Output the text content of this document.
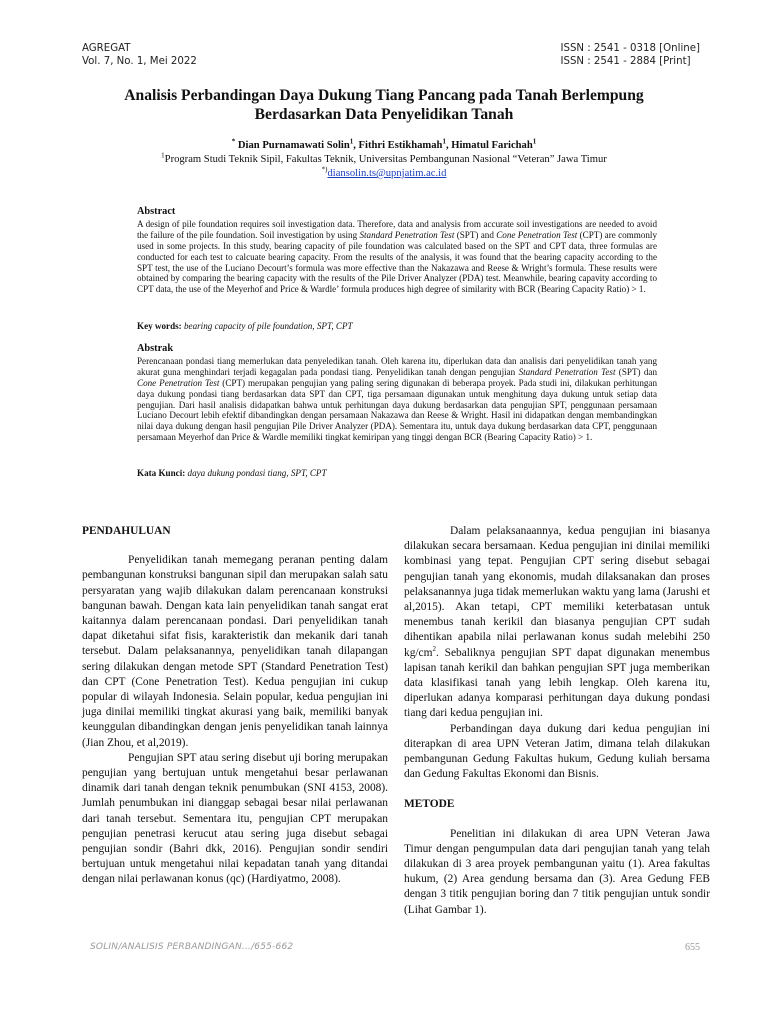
AGREGAT
Vol. 7, No. 1, Mei 2022
ISSN : 2541 - 0318 [Online]
ISSN : 2541 - 2884 [Print]
Analisis Perbandingan Daya Dukung Tiang Pancang pada Tanah Berlempung
Berdasarkan Data Penyelidikan Tanah
* Dian Purnamawati Solin$^1$, Fithri Estikhamah$^1$, Himatul Farichah$^1$
$^1$Program Studi Teknik Sipil, Fakultas Teknik, Universitas Pembangunan Nasional “Veteran” Jawa Timur
*)diansolin.ts@upnjatim.ac.id
Abstract

A design of pile foundation requires soil investigation data. Therefore, data and analysis from accurate soil investigations are needed to avoid the failure of the pile foundation. Soil investigation by using Standard Penetration Test (SPT) and Cone Penetration Test (CPT) are commonly used in some projects. In this study, bearing capacity of pile foundation was calculated based on the SPT and CPT data, three formulas are conducted for each test to calcuate bearing capacity. From the results of the analysis, it was found that the bearing capacity according to the SPT test, the use of the Luciano Decourt’s formula was more effective than the Nakazawa and Reese & Wright’s formula. These results were obtained by comparing the bearing capacity with the results of the Pile Driver Analyzer (PDA) test. Meanwhile, bearing capavity according to CPT data, the use of the Meyerhof and Price & Wardle’ formula produces high degree of similarity with BCR (Bearing Capacity Ratio) > 1.

Key words: bearing capacity of pile foundation, SPT, CPT
Abstrak

Perencanaan pondasi tiang memerlukan data penyeledikan tanah. Oleh karena itu, diperlukan data dan analisis dari penyelidikan tanah yang akurat guna menghindari terjadi kegagalan pada pondasi tiang. Penyelidikan tanah dengan pengujian Standard Penetration Test (SPT) dan Cone Penetration Test (CPT) merupakan pengujian yang paling sering digunakan di beberapa proyek. Pada studi ini, dilakukan perhitungan daya dukung pondasi tiang berdasarkan data SPT dan CPT, tiga persamaan digunakan untuk menghitung daya dukung untuk setiap data pengujian. Dari hasil analisis didapatkan bahwa untuk perhitungan daya dukung berdasarkan data pengujian SPT, penggunaan persamaan Luciano Decourt lebih efektif dibandingkan dengan persamaan Nakazawa dan Reese & Wright. Hasil ini didapatkan dengan membandingkan nilai daya dukung dengan hasil pengujian Pile Driver Analyzer (PDA). Sementara itu, untuk daya dukung berdasarkan data CPT, penggunaan persamaan Meyerhof dan Price & Wardle memiliki tingkat kemiripan yang tinggi dengan BCR (Bearing Capacity Ratio) > 1.

Kata Kunci: daya dukung pondasi tiang, SPT, CPT
PENDAHULUAN

Penyelidikan tanah memegang peranan penting dalam pembangunan konstruksi bangunan sipil dan merupakan salah satu persyaratan yang wajib dilakukan dalam perencanaan konstruksi bangunan bawah. Dengan kata lain penyelidikan tanah sangat erat kaitannya dalam perencanaan pondasi. Dari penyelidikan tanah dapat diketahui sifat fisis, karakteristik dan mekanik dari tanah tersebut. Dalam pelaksanannya, penyelidikan tanah dilapangan sering dilakukan dengan metode SPT (Standard Penetration Test) dan CPT (Cone Penetration Test). Kedua pengujian ini cukup popular di wilayah Indonesia. Selain popular, kedua pengujian ini juga dinilai memiliki tingkat akurasi yang baik, memiliki banyak keunggulan dibandingkan dengan jenis penyelidikan tanah lainnya (Jian Zhou, et al,2019).

Pengujian SPT atau sering disebut uji boring merupakan pengujian yang bertujuan untuk mengetahui besar perlawanan dinamik dari tanah dengan teknik penumbukan (SNI 4153, 2008). Jumlah penumbukan ini dianggap sebagai besar nilai perlawanan dari tanah tersebut. Sementara itu, pengujian CPT merupakan pengujian penetrasi kerucut atau sering juga disebut sebagai pengujian sondir (Bahri dkk, 2016). Pengujian sondir sendiri bertujuan untuk mengetahui nilai kepadatan tanah yang ditandai dengan nilai perlawanan konus (qc) (Hardiyatmo, 2008).

Dalam pelaksanaannya, kedua pengujian ini biasanya dilakukan secara bersamaan. Kedua pengujian ini dinilai memiliki kombinasi yang tepat. Pengujian CPT sering disebut sebagai pengujian tanah yang ekonomis, mudah dilaksanakan dan proses pelaksanannya juga tidak memerlukan waktu yang lama (Jarushi et al,2015). Akan tetapi, CPT memiliki keterbatasan untuk menembus tanah kerikil dan biasanya pengujian CPT sudah dihentikan apabila nilai perlawanan konus sudah melebihi 250 $kg/cm^2$. Sebaliknya pengujian SPT dapat digunakan menembus lapisan tanah kerikil dan bahkan pengujian SPT juga memberikan data klasifikasi tanah yang lebih lengkap. Oleh karena itu, diperlukan adanya komparasi perhitungan daya dukung pondasi tiang dari kedua pengujian ini.

Perbandingan daya dukung dari kedua pengujian ini diterapkan di area UPN Veteran Jatim, dimana telah dilakukan pembangunan Gedung Fakultas hukum, Gedung kuliah bersama dan Gedung Fakultas Ekonomi dan Bisnis.

METODE

Penelitian ini dilakukan di area UPN Veteran Jawa Timur dengan pengumpulan data dari pengujian tanah yang telah dilakukan di 3 area proyek pembangunan yaitu (1). Area fakultas hukum, (2) Area gendung bersama dan (3). Area Gedung FEB dengan 3 titik pengujian boring dan 7 titik pengujian untuk sondir (Lihat Gambar 1).

SOLIN/ANALISIS PERBANDINGAN.../655-662	655
